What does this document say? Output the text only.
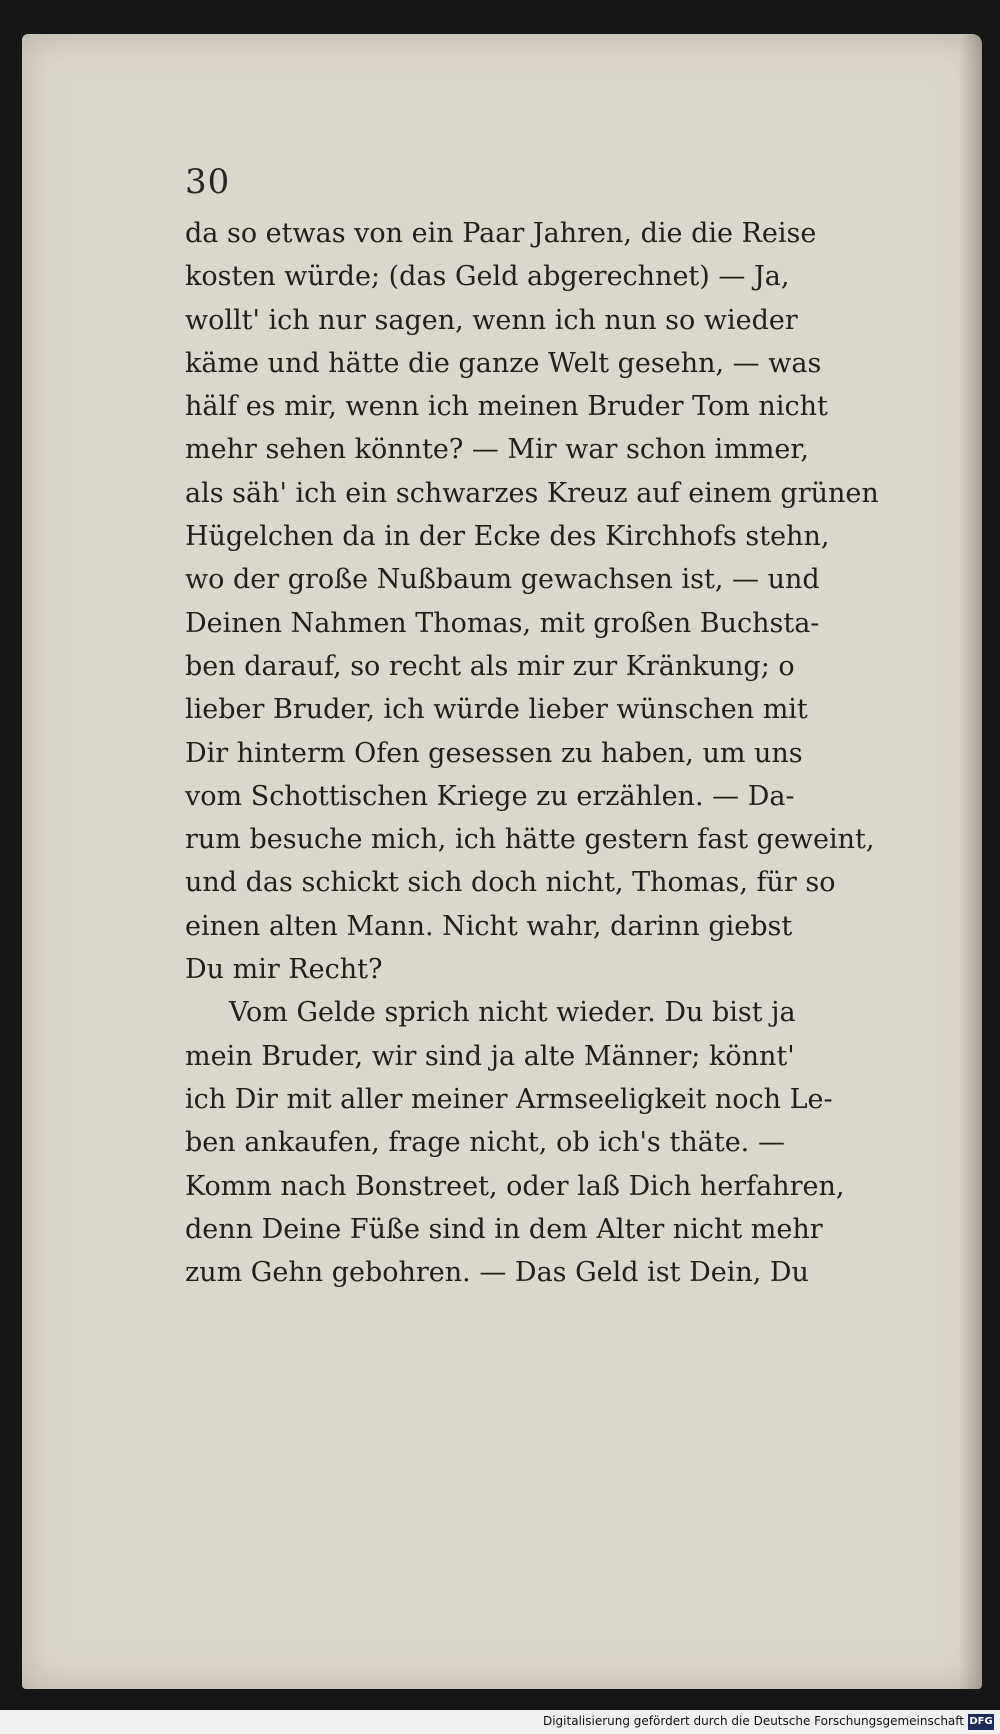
30
da so etwas von ein Paar Jahren, die die Reise
kosten würde; (das Geld abgerechnet) — Ja,
wollt' ich nur sagen, wenn ich nun so wieder
käme und hätte die ganze Welt gesehn, — was
hälf es mir, wenn ich meinen Bruder Tom nicht
mehr sehen könnte? — Mir war schon immer,
als säh' ich ein schwarzes Kreuz auf einem grünen
Hügelchen da in der Ecke des Kirchhofs stehn,
wo der große Nußbaum gewachsen ist, — und
Deinen Nahmen Thomas, mit großen Buchsta-
ben darauf, so recht als mir zur Kränkung; o
lieber Bruder, ich würde lieber wünschen mit
Dir hinterm Ofen gesessen zu haben, um uns
vom Schottischen Kriege zu erzählen. — Da-
rum besuche mich, ich hätte gestern fast geweint,
und das schickt sich doch nicht, Thomas, für so
einen alten Mann. Nicht wahr, darinn giebst
Du mir Recht?
Vom Gelde sprich nicht wieder. Du bist ja
mein Bruder, wir sind ja alte Männer; könnt'
ich Dir mit aller meiner Armseeligkeit noch Le-
ben ankaufen, frage nicht, ob ich's thäte. —
Komm nach Bonstreet, oder laß Dich herfahren,
denn Deine Füße sind in dem Alter nicht mehr
zum Gehn gebohren. — Das Geld ist Dein, Du
Digitalisierung gefördert durch die Deutsche Forschungsgemeinschaft DFG
